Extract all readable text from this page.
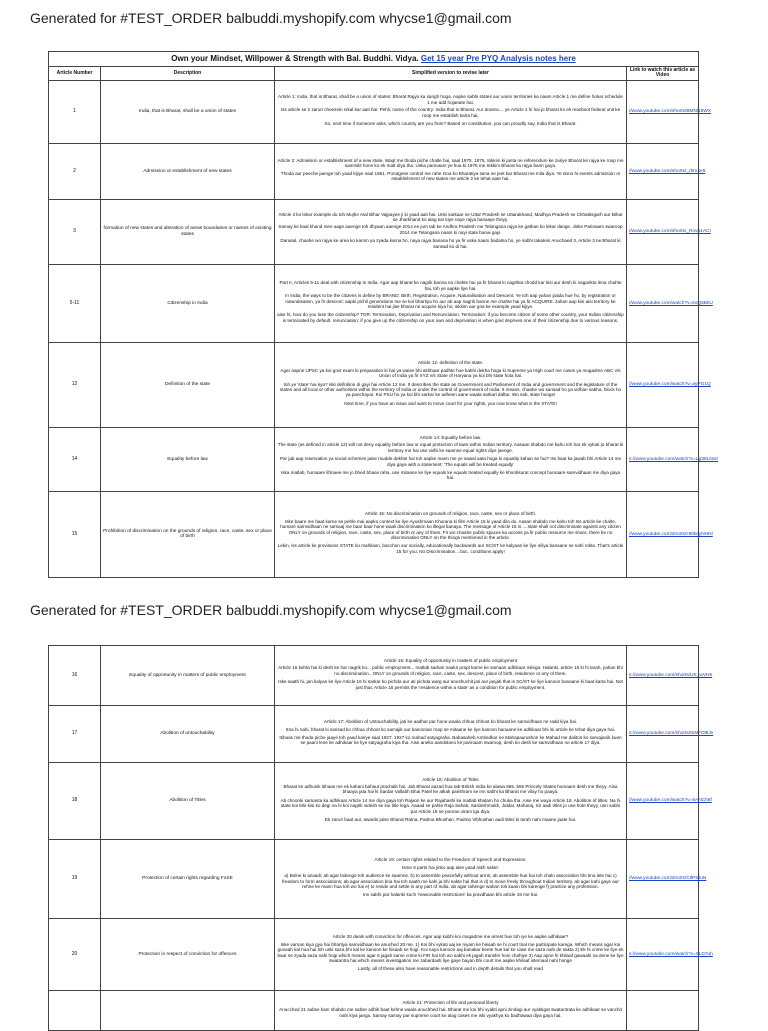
Generated for #TEST_ORDER balbuddi.myshopify.com whycse1@gmail.com
Own your Mindset, Willpower & Strength with Bal. Buddhi. Vidya. Get 15 year Pre PYQ Analysis notes here			
Article Number	Description	Simplified version to revise later	Link to watch this article as Video
1	India, that is Bharat, shall be a union of states	Article 1: India, that is Bharat, shall be a union of states: Bharat Rajyo ka sangh hoga. Aapke sabhi states aur union territories ka naam Article 1 me define hokar schedule 1 me add hojaeate hai.

Iss article se 2 zaruri cheezein nikal kar aati hai: Pehli, name of the country: India that is Bharat. Aur doosra.... ye Article 1 hi hai jo bharat ko ek mazboot federal unit ke roop me establish karta hai.

So, next time if someone asks, which country are you from? Based on constitution, you can proudly say, India that is Bharat.	//www.youtube.com/shorts/BMNl18WX
2	Admission or establishment of new states	Article 2: Admission or establishment of a new state. Waqt me thoda piche chalte hai, saal 1975. 1975, Sikkim ki janta ne referendum ke zariye Bharat ke rajya ke roop me sammilit hone ko ek matt diya tha. Uska parinaam ye hua ki 1975 me Sikkim Bharat ka rajya bann gaya.

Thoda aur peeche jaenge toh yaad kijiye saal 1961. Porutgese control me rahe Goa ko Bharatiya sena ne jeet kar Bharat me mila diya. Ye dono hi events admission or establishment of new states me article 2 ke tehat aate hai.	//www.youtube.com/shorts/_r5m4e9
3	formation of new states and alteration of areas boundaries or names of existing states	Article 3 ko lekar example du toh Mujhe Atal Bihar Vajpayee ji ki yaad aati hai. Unki sarkaar ne Uttar Pradesh se Uttarakhand, Madhya Pradesh se Chhattisgarh aur Bihar se Jharkhand ko alag kar kiye naye rajya banaaye theyy.

Samay ke kaal khand mee aage aaenge toh dhyaan aaenge 2014 ee jum tab ke Andhra Pradesh me Telangana rajya ke gathan ko lekar dange. Jiske Parinaam swaroop 2014 me Telangana naam ki nayi state banai gayi.

Darasal, chaahe wo rajya ke area ko kamm ya zyada karna ho, naya rajya banana ho ya fir uska naam badalna ho, ye sabhi takatein Anuchaed 3, Article 3 ne Bharat ki sansad ko di hai.	//www.youtube.com/shorts/_Rov51ACI
5-11	Citizenship in India	Part II, Articles 5-11 deal with citizenship in India. Agar aap bharat ke nagrik banna na chahte hai ya fir bharat ki nagrikta chodd kar kisi aur desh ki nagarikta lena chahte hai, toh ye aapke liye hai.

In India, the ways to be the citizens is define by BRAND: Birth, Registration, Acquire, Naturalisation and Descent. Ye toh aap yahan paida hue ho, by registration or naturalisation, ya fir descent: aapki pichli generations me se koi bhartiya ho aur ab aap nagrik banne me chahte hai ya fir ACQUIRE: Jahan aap kisi aisi territory ke resident hai jise bharat ne acquire kiya ho, sikkim aur goa ke example yaad kijiye.

aise hi, how do you lose the citizenship? TDR: Termination, Deprivation and Renunciation. Termination: if you become citizen of some other country, your Indian citizenship is terminated by default. renunciation: if you give up the citizenship on your own and deprivation is when govt deprives one of their citizenship due to various reasons.	//www.youtube.com/watch?v=koQ5BkU
12	Definition of the state	Article 12: definition of the state.

Agar aapne UPSC ya koi govt exam ki preparation ki hai ya waise bhi akhbaar padhte hue kabhi dekha hoga ki Supreme ya High court me cases ya mugadme ABC v/s Union of India ya fir XYZ v/s State of Haryana ya koi bhi state hota hai.

toh ye 'state' hai kya? Iski definition di gayi hai Article 12 me. It describes the state as Government and Parliament of India and government and the legislature of the states and all local or other authorities within the territory of India or under the control of government of India. It means, chaahe wo sansad ho ya vidhan sabha, block ho ya panchayat. Koi PSU ho ya koi bhi sarkar ke adheen aane waala sarkari daftar. Wo sab, state honge!

Next time, if you have an issue and want to move court for your rights, you now know what is the STATE!	//www.youtube.com/watch?v=ayPG1Q
14	Equality before law	Article 14: Equality before law.

The state (as defined in article 12) will not deny equality before law or equal protection of laws within Indian territory. Aasaan shabdo me kahu toh har ek vykati jo bharat ki territory me hai use vidhi ke saamne equal rights diye jaenge.

Par jab aap reservation ya social schemes jaise mudde dekhte hai toh aapke mann me ye sawal aata hoga ki equality kahan se hui? Iss baat ka jawab bhi Article 14 me diya gaya with a statement: 'The equals will be treated equally'

Iska matlab, humaare lifmaee me jo bhed bhaav raha, use mitaane ke liye equals ke equals treated equally ke khoobsurat concept humaare samvidhaan me diya gaya hai.	s://www.youtube.com/watch?v=Lg38LNx0
15	Prohibition of discrimination on the grounds of religion, race, caste, sex or place of birth	Article 15: No discrimination on grounds of religion, race, caste, sex or place of birth.

Iske baare me baat karne se pehle mai aapko context ke liye Ayushmaan Khurana ki film Article 15 ki yaad dila du. Aasan shabdo me kahu toh Iss article ke chalte, humare samvidhaan ne samaaj me baar baar hone waali discrimination ko illegal banaya. The message of Article 15 is ....state shall not discriminate against any citizen ONLY on grounds of religion, race, caste, sex, place of birth or any of them. Fir wo chaahe public spaces ka access ya fir public resource me share, there be no discrimination ONLY on the things mentioned in the article.

Lekin, iss article ke provisions STATE ko mahilaon, bacchon aur socially, educationally backwards aur SC/ST ke kalyaan ke liye niliya banaane se nahi rokta. That's article 15 for you: No Discrimination....but.. conditions apply!	//www.youtube.com/shorts/Ht0keyNHNl
Generated for #TEST_ORDER balbuddi.myshopify.com whycse1@gmail.com
16	Equality of opportunity in matters of public employment	Article 16: Equality of opportunity in matters of public employment

Article 16 kehta hai ki desh ke har nagrik ko... public employment... matlab sarkari naukri prapt karne ke samaan adhikaar milega. Halanki, article 15 ki hi tarah, yahan bhi no discrimination...ONLY on grounds of religion, race, caste, sex, descent, place of birth, residence or any of them.

Iske saath hi, jan kalyan ke liye Article 16 hi sarkar ko pichda aur ati pichda warg aur anushuchit jati aur janjati that is SC/ST ke liye kanoon banaane ki baat karta hai. Not just that, Article 16 permits the 'residence within a state' as a condition for public employment.	s://www.youtube.com/shorts/UK_wVH6
17	Abolition of untouchability	Article 17: Abolition of Untouchability, jati ke aadhar par hone waala chhua chhoot ko bharat ke samvidhaan ne radd kiya hai.

Itna hi nahi, bharat ki sansad ko chhua chhoot ko samajik aur kanoonan roop se mitaane ke liye kanoon banaane ke adhikaar bhi isi article ke tehat diya gaya hai.

Itihaas me thoda piche jaaye toh yaad kariye saal 1927. 1927 ko mahad satyagraha. Babasaheb Ambedkar ne Mahapaurushon ke Mahad me daliton ko sarvajanik kuen se paani lene ke adhikaar ke liye satyagraha kiya tha. Aise aneko aandolano ke parinaam swaroop, desh ko desh ke samvidhaan ne article 17 diya.	s://www.youtube.com/shorts/SiMFDl8Jv
18	Abolition of Titles	Article 18: Abolition of Titles

Bharat ke adhunik itihaas me ek kahani bahaut prachalit hai. Jab Bharat aazad hua tab British India ke alawa 565, 565 Princely States humaare desh me theyy. Aisa bhaaya jata hai ki Sardar Vallabh Bhai Patel ke atkak parishram se inn sabhi ka Bharat me vilay ho paaya.

Ab choonki samanta ka adhikaar Article 14 me diya gaya toh Rajaon ke aur Rajahashi ka matlab khatam ho chuka tha. Aise me waya Article 18. Abolition of titles. Na hi state koi title kisi ko degi na hi koi nagrik videsh se koi title lega. Aaaad se pahle Raja Sahab, Sardeshmukh, Jaldar, Maharaj, Sir aadi titles jo use hote theyy, unn sabhi par Article 18 ne pooran viram lga diya.

Ek zaruri baat aur, awards jaise Bharat Ratna, Padma Bhushan, Padma Vibhushan aadi titles ki tarah nahi maane jaate hai.	//www.youtube.com/watch?v=6ANCh8f
19	Protection of certain rights regarding FoSE	Article 19: certain rights related to the Freedom of Speech and Expression.

Isme 6 parts hai jinko aap aise yaad rakh sakte:

a) Bolne ki azaadi; ab agar bolenge toh audience ke saamne. b) to assemble peacefully without arms; ab assemble hue hai toh chalo association bhi bna lete hai c) freedom to form associations; ab agar association bna hai toh saath me kahi ja bhi sakte hai that is d) to move freely throughout Indian territory. ab agar kahi gaye aur rehne ke mann hua toh wo hai e) to reside and settle in any part of India. ab agar rahenge wahan toh kaam bhi karenge f) practice any profession.

Inn sabhi par halanki kuch 'reasonable restrictions' ka pravdhaan bhi article 19 me hai.	//www.youtube.com/shorts/CtlP5iluN
20	Protection in respect of conviction for offences	Article 20 deals with conviction for offences. Agar aap kabhi koi mugadme me arrest hue toh iye ke aapke adhikaar?

Iske varnan kiya gya hai bhartiya samvidhaan ke anuched 20 me. 1) Koi bhi vykati aaj ke niyam ke hisaab se hi court trial me participate karega. Which means agar koi gunaah kal hua hai toh uski saza bhi kal ke kanoon ke hisaab se hogi. Koi naya kanoon aaj banakar beete hue kal ke case me saza nahi de sakta 2) Ek hi crime ke liye ek baar se zyada saza nahi hogi which means agar 5 jagah same crime ki FIR hai toh wo sabhi ek jagah transfer honi chahiye 3) Aap apne hi khilaaf gawaahi na dene ke liye swatantra hai which means investigation me zabardasti liye gaye bayan bhi court me aapke khilaaf istemaal nahi honge

Lastly, all of these also have reasonable restrictions and in depth details that you shall read	s://www.youtube.com/watch?v=9LD7uh

		Article 21: Protection of life and personal liberty

Anucched 21 sabse kam shabdo me sabse adhik baat kehne waala anuchhed hai. Bharat me koi bhi vyakti apni zindagi aur vyaktigat swatantrata ke adhikaar se vanchit nahi kiya jaega. Samay samay par supreme court ke alag cases me iski vyakhya ko badhawaa diya gaya hai.	
